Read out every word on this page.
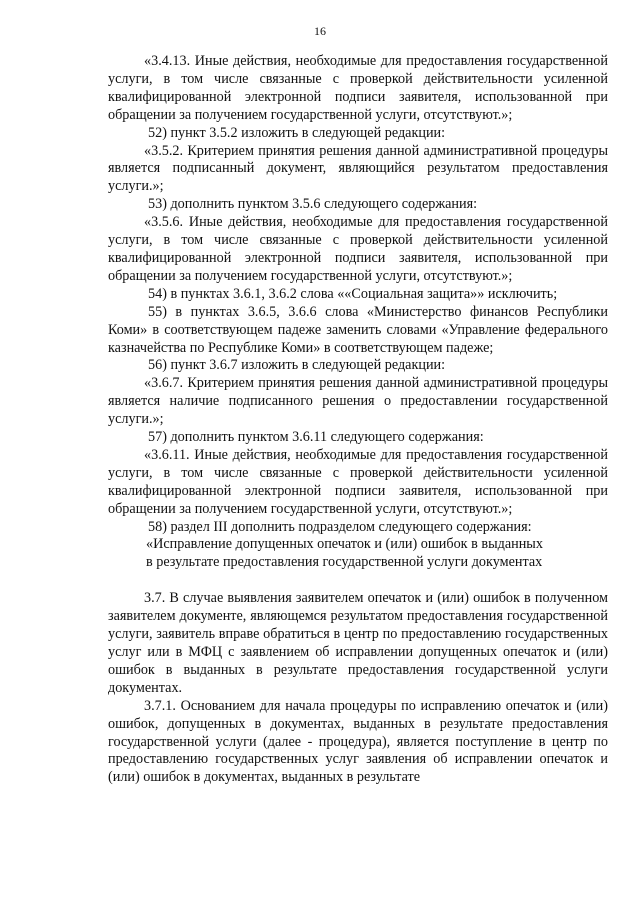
16

«3.4.13. Иные действия, необходимые для предоставления государственной услуги, в том числе связанные с проверкой действительности усиленной квалифицированной электронной подписи заявителя, использованной при обращении за получением государственной услуги, отсутствуют.»;

52) пункт 3.5.2 изложить в следующей редакции:

«3.5.2. Критерием принятия решения данной административной процедуры является подписанный документ, являющийся результатом предоставления услуги.»;

53) дополнить пунктом 3.5.6 следующего содержания:

«3.5.6. Иные действия, необходимые для предоставления государственной услуги, в том числе связанные с проверкой действительности усиленной квалифицированной электронной подписи заявителя, использованной при обращении за получением государственной услуги, отсутствуют.»;

54) в пунктах 3.6.1, 3.6.2 слова ««Социальная защита»» исключить;

55) в пунктах 3.6.5, 3.6.6 слова «Министерство финансов Республики Коми» в соответствующем падеже заменить словами «Управление федерального казначейства по Республике Коми» в соответствующем падеже;

56) пункт 3.6.7 изложить в следующей редакции:

«3.6.7. Критерием принятия решения данной административной процедуры является наличие подписанного решения о предоставлении государственной услуги.»;

57) дополнить пунктом 3.6.11 следующего содержания:

«3.6.11. Иные действия, необходимые для предоставления государственной услуги, в том числе связанные с проверкой действительности усиленной квалифицированной электронной подписи заявителя, использованной при обращении за получением государственной услуги, отсутствуют.»;

58) раздел III дополнить подразделом следующего содержания:

«Исправление допущенных опечаток и (или) ошибок в выданных

в результате предоставления государственной услуги документах

3.7. В случае выявления заявителем опечаток и (или) ошибок в полученном заявителем документе, являющемся результатом предоставления государственной услуги, заявитель вправе обратиться в центр по предоставлению государственных услуг или в МФЦ с заявлением об исправлении допущенных опечаток и (или) ошибок в выданных в результате предоставления государственной услуги документах.

3.7.1. Основанием для начала процедуры по исправлению опечаток и (или) ошибок, допущенных в документах, выданных в результате предоставления государственной услуги (далее - процедура), является поступление в центр по предоставлению государственных услуг заявления об исправлении опечаток и (или) ошибок в документах, выданных в результате
